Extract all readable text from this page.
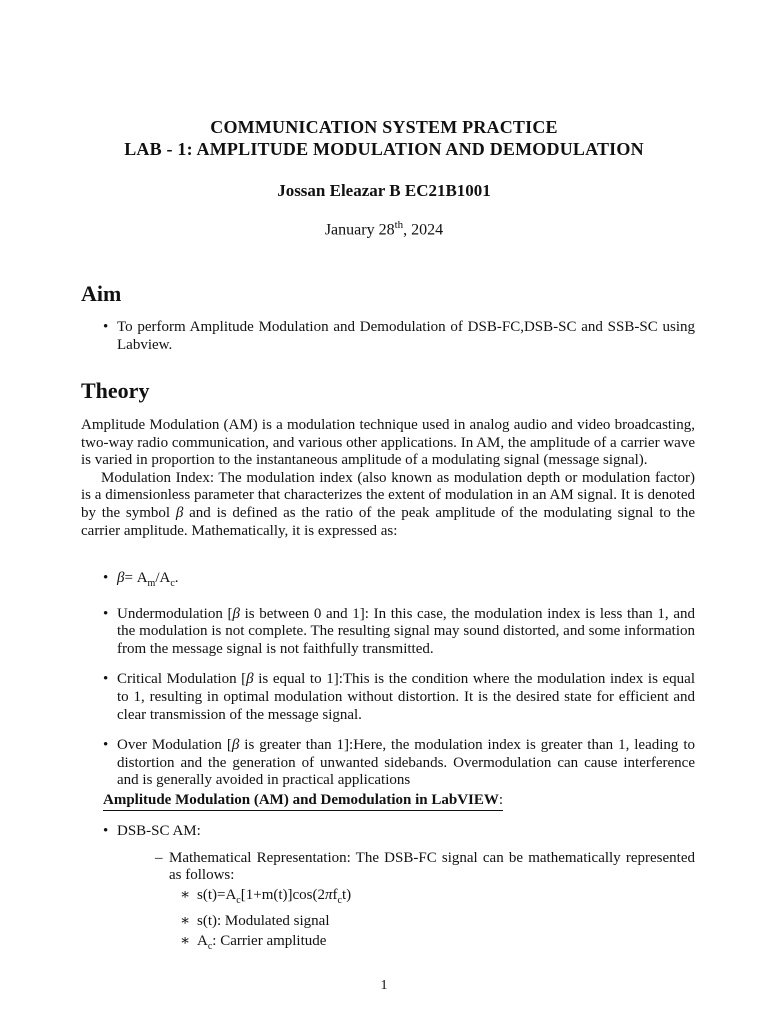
COMMUNICATION SYSTEM PRACTICE
LAB - 1: AMPLITUDE MODULATION AND DEMODULATION
Jossan Eleazar B EC21B1001
January 28th, 2024
Aim
• To perform Amplitude Modulation and Demodulation of DSB-FC,DSB-SC and SSB-SC using Labview.
Theory

Amplitude Modulation (AM) is a modulation technique used in analog audio and video broadcasting, two-way radio communication, and various other applications. In AM, the amplitude of a carrier wave is varied in proportion to the instantaneous amplitude of a modulating signal (message signal).

Modulation Index: The modulation index (also known as modulation depth or modulation factor) is a dimensionless parameter that characterizes the extent of modulation in an AM signal. It is denoted by the symbol β and is defined as the ratio of the peak amplitude of the modulating signal to the carrier amplitude. Mathematically, it is expressed as:

• $\beta= A_m/A_c$.
• Undermodulation [β is between 0 and 1]: In this case, the modulation index is less than 1, and the modulation is not complete. The resulting signal may sound distorted, and some information from the message signal is not faithfully transmitted.
• Critical Modulation [β is equal to 1]:This is the condition where the modulation index is equal to 1, resulting in optimal modulation without distortion. It is the desired state for efficient and clear transmission of the message signal.
• Over Modulation [β is greater than 1]:Here, the modulation index is greater than 1, leading to distortion and the generation of unwanted sidebands. Overmodulation can cause interference and is generally avoided in practical applications
Amplitude Modulation (AM) and Demodulation in LabVIEW:
• DSB-SC AM:
– Mathematical Representation: The DSB-FC signal can be mathematically represented as follows:
∗ $s(t)=A_c[1+m(t)]\cos(2\pi f_ct)$
∗ s(t): Modulated signal
∗ $A_c$: Carrier amplitude
1
